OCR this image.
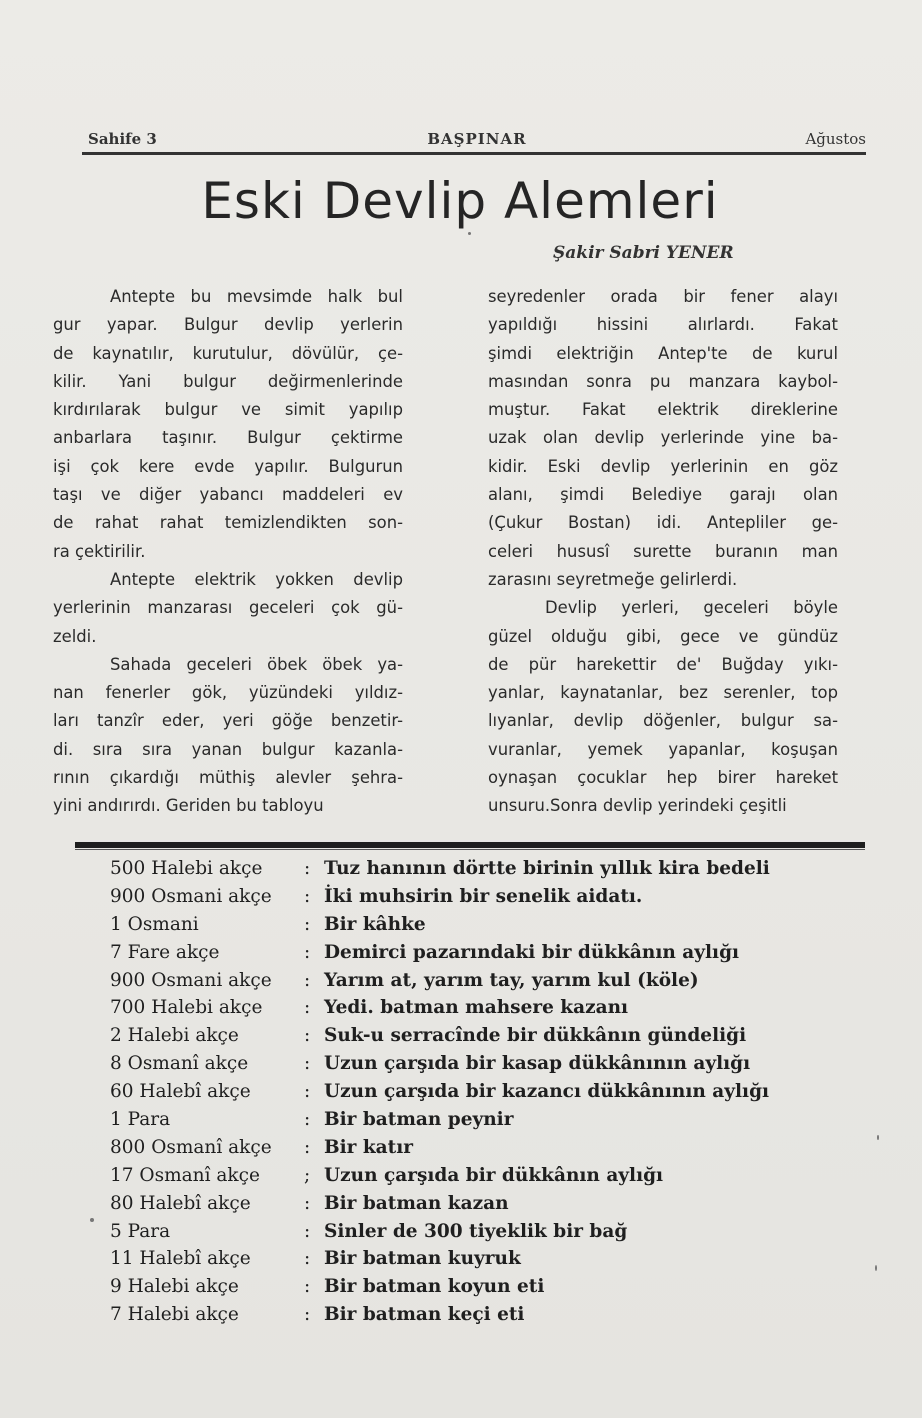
Sahife 3	BAŞPINAR	Ağustos
Eski Devlip Alemleri
Şakir Sabri YENER
Antepte bu mevsimde halk bul
gur yapar. Bulgur devlip yerlerin
de kaynatılır, kurutulur, dövülür, çe-
kilir. Yani bulgur değirmenlerinde
kırdırılarak bulgur ve simit yapılıp
anbarlara taşınır. Bulgur çektirme
işi çok kere evde yapılır. Bulgurun
taşı ve diğer yabancı maddeleri ev
de rahat rahat temizlendikten son-
ra çektirilir.
Antepte elektrik yokken devlip
yerlerinin manzarası geceleri çok gü-
zeldi.
Sahada geceleri öbek öbek ya-
nan fenerler gök, yüzündeki yıldız-
ları tanzîr eder, yeri göğe benzetir-
di. sıra sıra yanan bulgur kazanla-
rının çıkardığı müthiş alevler şehra-
yini andırırdı. Geriden bu tabloyu
seyredenler orada bir fener alayı
yapıldığı hissini alırlardı. Fakat
şimdi elektriğin Antep'te de kurul
masından sonra pu manzara kaybol-
muştur. Fakat elektrik direklerine
uzak olan devlip yerlerinde yine ba-
kidir. Eski devlip yerlerinin en göz
alanı, şimdi Belediye garajı olan
(Çukur Bostan) idi. Antepliler ge-
celeri hususî surette buranın man
zarasını seyretmeğe gelirlerdi.
Devlip yerleri, geceleri böyle
güzel olduğu gibi, gece ve gündüz
de pür harekettir de' Buğday yıkı-
yanlar, kaynatanlar, bez serenler, top
lıyanlar, devlip döğenler, bulgur sa-
vuranlar, yemek yapanlar, koşuşan
oynaşan çocuklar hep birer hareket
unsuru.Sonra devlip yerindeki çeşitli
500 Halebi akçe : Tuz hanının dörtte birinin yıllık kira bedeli
900 Osmani akçe : İki muhsirin bir senelik aidatı.
1 Osmani	: Bir kâhke
7 Fare akçe	: Demirci pazarındaki bir dükkânın aylığı
900 Osmani akçe : Yarım at, yarım tay, yarım kul (köle)
700 Halebi akçe : Yedi. batman mahsere kazanı
2 Halebi akçe	: Suk-u serracînde bir dükkânın gündeliği
8 Osmanî akçe	: Uzun çarşıda bir kasap dükkânının aylığı
60 Halebî akçe	: Uzun çarşıda bir kazancı dükkânının aylığı
1 Para	: Bir batman peynir
800 Osmanî akçe : Bir katır
17 Osmanî akçe ; Uzun çarşıda bir dükkânın aylığı
80 Halebî akçe	: Bir batman kazan
5 Para	: Sinler de 300 tiyeklik bir bağ
11 Halebî akçe	: Bir batman kuyruk
9 Halebi akçe	: Bir batman koyun eti
7 Halebi akçe	: Bir batman keçi eti
